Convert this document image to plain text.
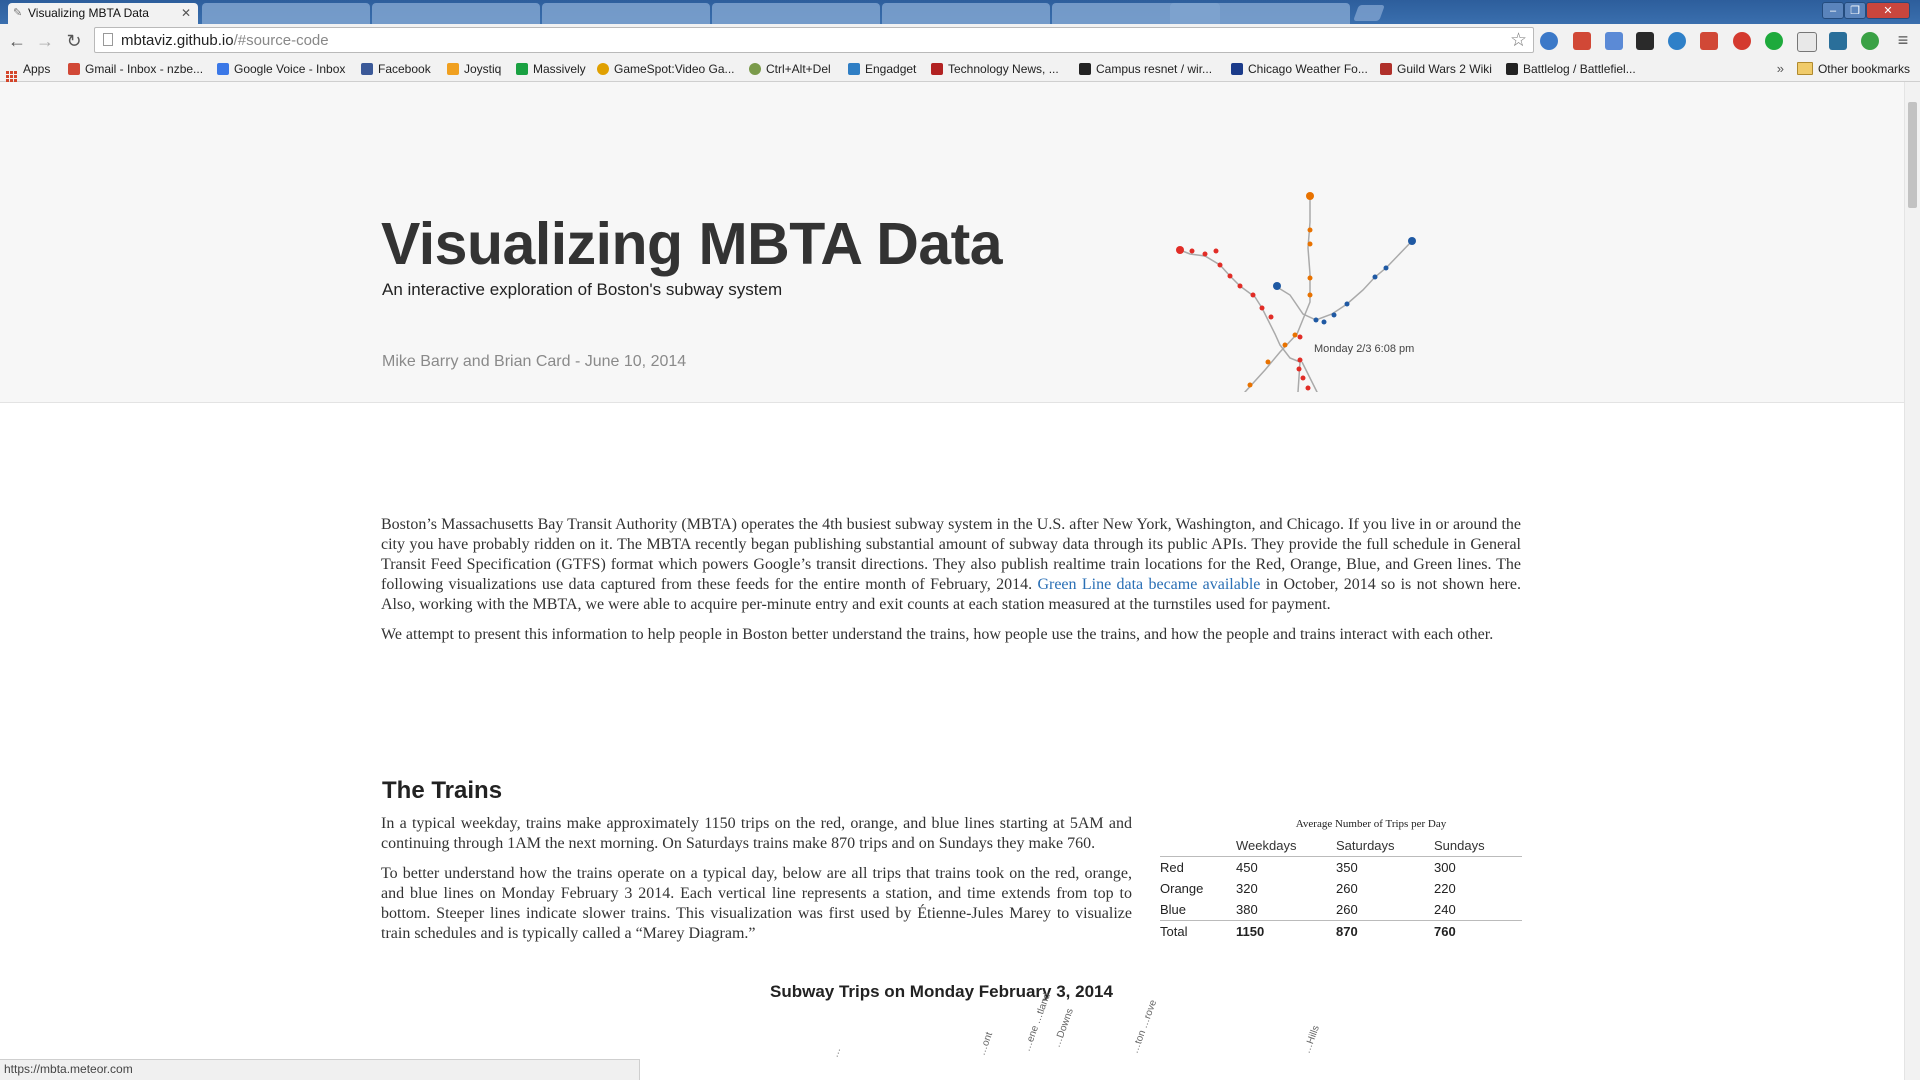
✎ Visualizing MBTA Data	✕	–	❐	✕
← → ↻	mbtaviz.github.io/#source-code	☆	≡
Apps	Gmail - Inbox - nzbe...	Google Voice - Inbox	Facebook	Joystiq	Massively	GameSpot:Video Ga...	Ctrl+Alt+Del	Engadget	Technology News, ...	Campus resnet / wir...	Chicago Weather Fo...	Guild Wars 2 Wiki	Battlelog / Battlefiel...	»	Other bookmarks
Visualizing MBTA Data
An interactive exploration of Boston's subway system
Mike Barry and Brian Card - June 10, 2014
Monday 2/3 6:08 pm

Boston’s Massachusetts Bay Transit Authority (MBTA) operates the 4th busiest subway system in the U.S. after New York, Washington, and Chicago. If you live in or around the city you have probably ridden on it. The MBTA recently began publishing substantial amount of subway data through its public APIs. They provide the full schedule in General Transit Feed Specification (GTFS) format which powers Google’s transit directions. They also publish realtime train locations for the Red, Orange, Blue, and Green lines. The following visualizations use data captured from these feeds for the entire month of February, 2014. Green Line data became available in October, 2014 so is not shown here. Also, working with the MBTA, we were able to acquire per-minute entry and exit counts at each station measured at the turnstiles used for payment.

We attempt to present this information to help people in Boston better understand the trains, how people use the trains, and how the people and trains interact with each other.

The Trains

In a typical weekday, trains make approximately 1150 trips on the red, orange, and blue lines starting at 5AM and continuing through 1AM the next morning. On Saturdays trains make 870 trips and on Sundays they make 760.

To better understand how the trains operate on a typical day, below are all trips that trains took on the red, orange, and blue lines on Monday February 3 2014. Each vertical line represents a station, and time extends from top to bottom. Steeper lines indicate slower trains. This visualization was first used by Étienne-Jules Marey to visualize train schedules and is typically called a “Marey Diagram.”

Average Number of Trips per Day
	Weekdays	Saturdays	Sundays
Red	450	350	300
Orange	320	260	220
Blue	380	260	240
Total	1150	870	760
Subway Trips on Monday February 3, 2014
…	…ont	…ene …tland
…Downs	…ton …rove	…Hills
https://mbta.meteor.com
